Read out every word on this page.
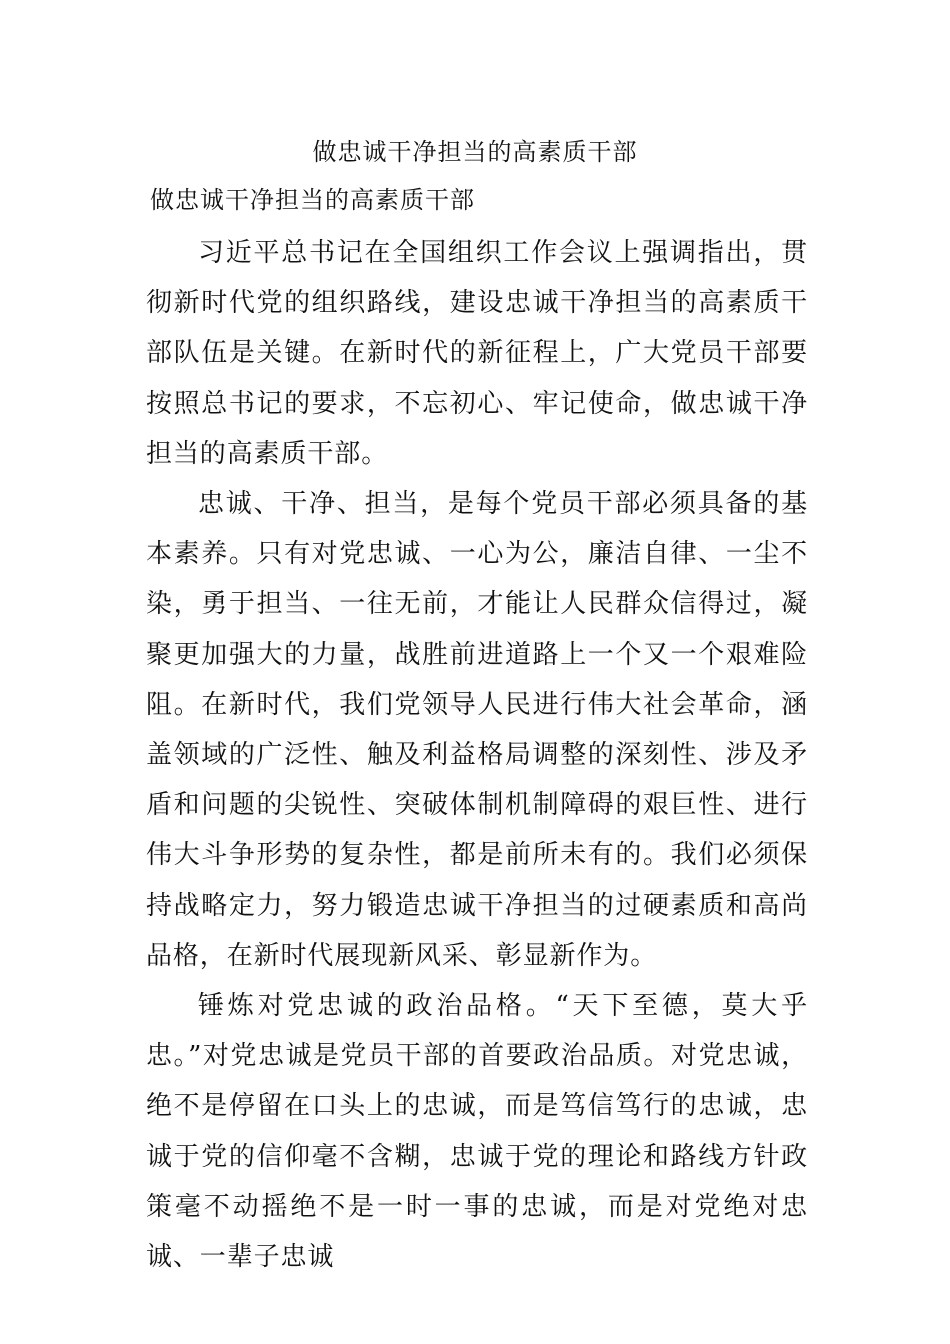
做忠诚干净担当的高素质干部
做忠诚干净担当的高素质干部

习近平总书记在全国组织工作会议上强调指出，贯彻新时代党的组织路线，建设忠诚干净担当的高素质干部队伍是关键。在新时代的新征程上，广大党员干部要按照总书记的要求，不忘初心、牢记使命，做忠诚干净担当的高素质干部。

忠诚、干净、担当，是每个党员干部必须具备的基本素养。只有对党忠诚、一心为公，廉洁自律、一尘不染，勇于担当、一往无前，才能让人民群众信得过，凝聚更加强大的力量，战胜前进道路上一个又一个艰难险阻。在新时代，我们党领导人民进行伟大社会革命，涵盖领域的广泛性、触及利益格局调整的深刻性、涉及矛盾和问题的尖锐性、突破体制机制障碍的艰巨性、进行伟大斗争形势的复杂性，都是前所未有的。我们必须保持战略定力，努力锻造忠诚干净担当的过硬素质和高尚品格，在新时代展现新风采、彰显新作为。

锤炼对党忠诚的政治品格。“天下至德，莫大乎忠。”对党忠诚是党员干部的首要政治品质。对党忠诚，绝不是停留在口头上的忠诚，而是笃信笃行的忠诚，忠诚于党的信仰毫不含糊，忠诚于党的理论和路线方针政策毫不动摇绝不是一时一事的忠诚，而是对党绝对忠诚、一辈子忠诚
